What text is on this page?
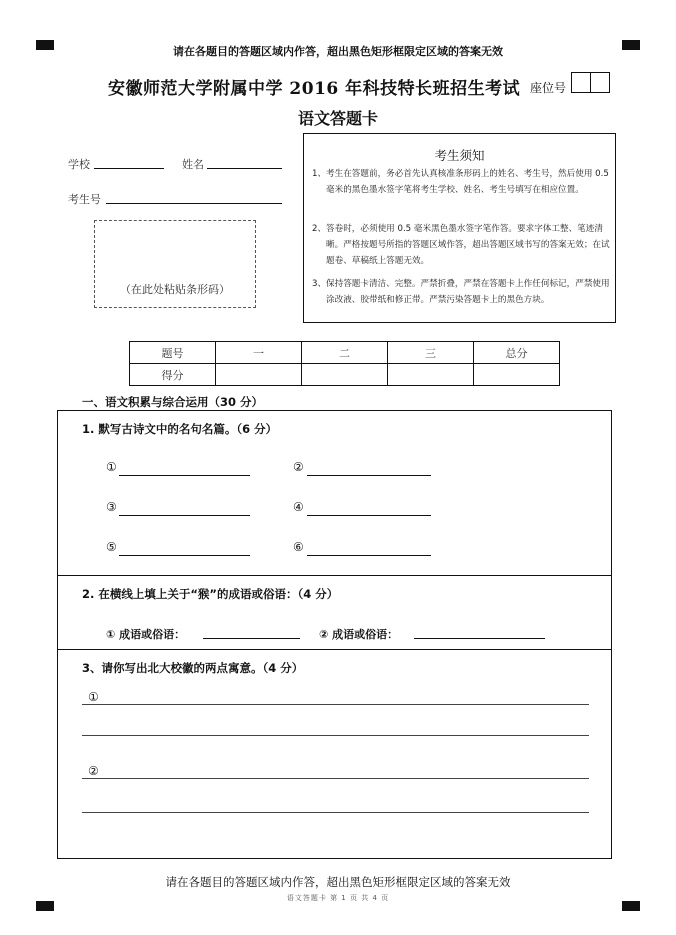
请在各题目的答题区域内作答，超出黑色矩形框限定区域的答案无效
安徽师范大学附属中学 2016 年科技特长班招生考试 座位号
语文答题卡
学校	姓名
考生号
（在此处粘贴条形码）
考生须知
1、 考生在答题前，务必首先认真核准条形码上的姓名、考生号，然后使用 0.5 毫米的黑色墨水签字笔将考生学校、姓名、考生号填写在相应位置。
2、 答卷时，必须使用 0.5 毫米黑色墨水签字笔作答。要求字体工整、笔迹清晰。严格按题号所指的答题区域作答，超出答题区域书写的答案无效；在试题卷、草稿纸上答题无效。
3、 保持答题卡清洁、完整。严禁折叠，严禁在答题卡上作任何标记，严禁使用涂改液、胶带纸和修正带。严禁污染答题卡上的黑色方块。
题号	一	二	三	总分
得分				
一、语文积累与综合运用（30 分）
1. 默写古诗文中的名句名篇。（6 分）
①	②
③	④
⑤	⑥
2. 在横线上填上关于“猴”的成语或俗语：（4 分）
① 成语或俗语：	② 成语或俗语：
3、请你写出北大校徽的两点寓意。（4 分）
①
②
请在各题目的答题区域内作答，超出黑色矩形框限定区域的答案无效
语文答题卡 第 1 页 共 4 页
